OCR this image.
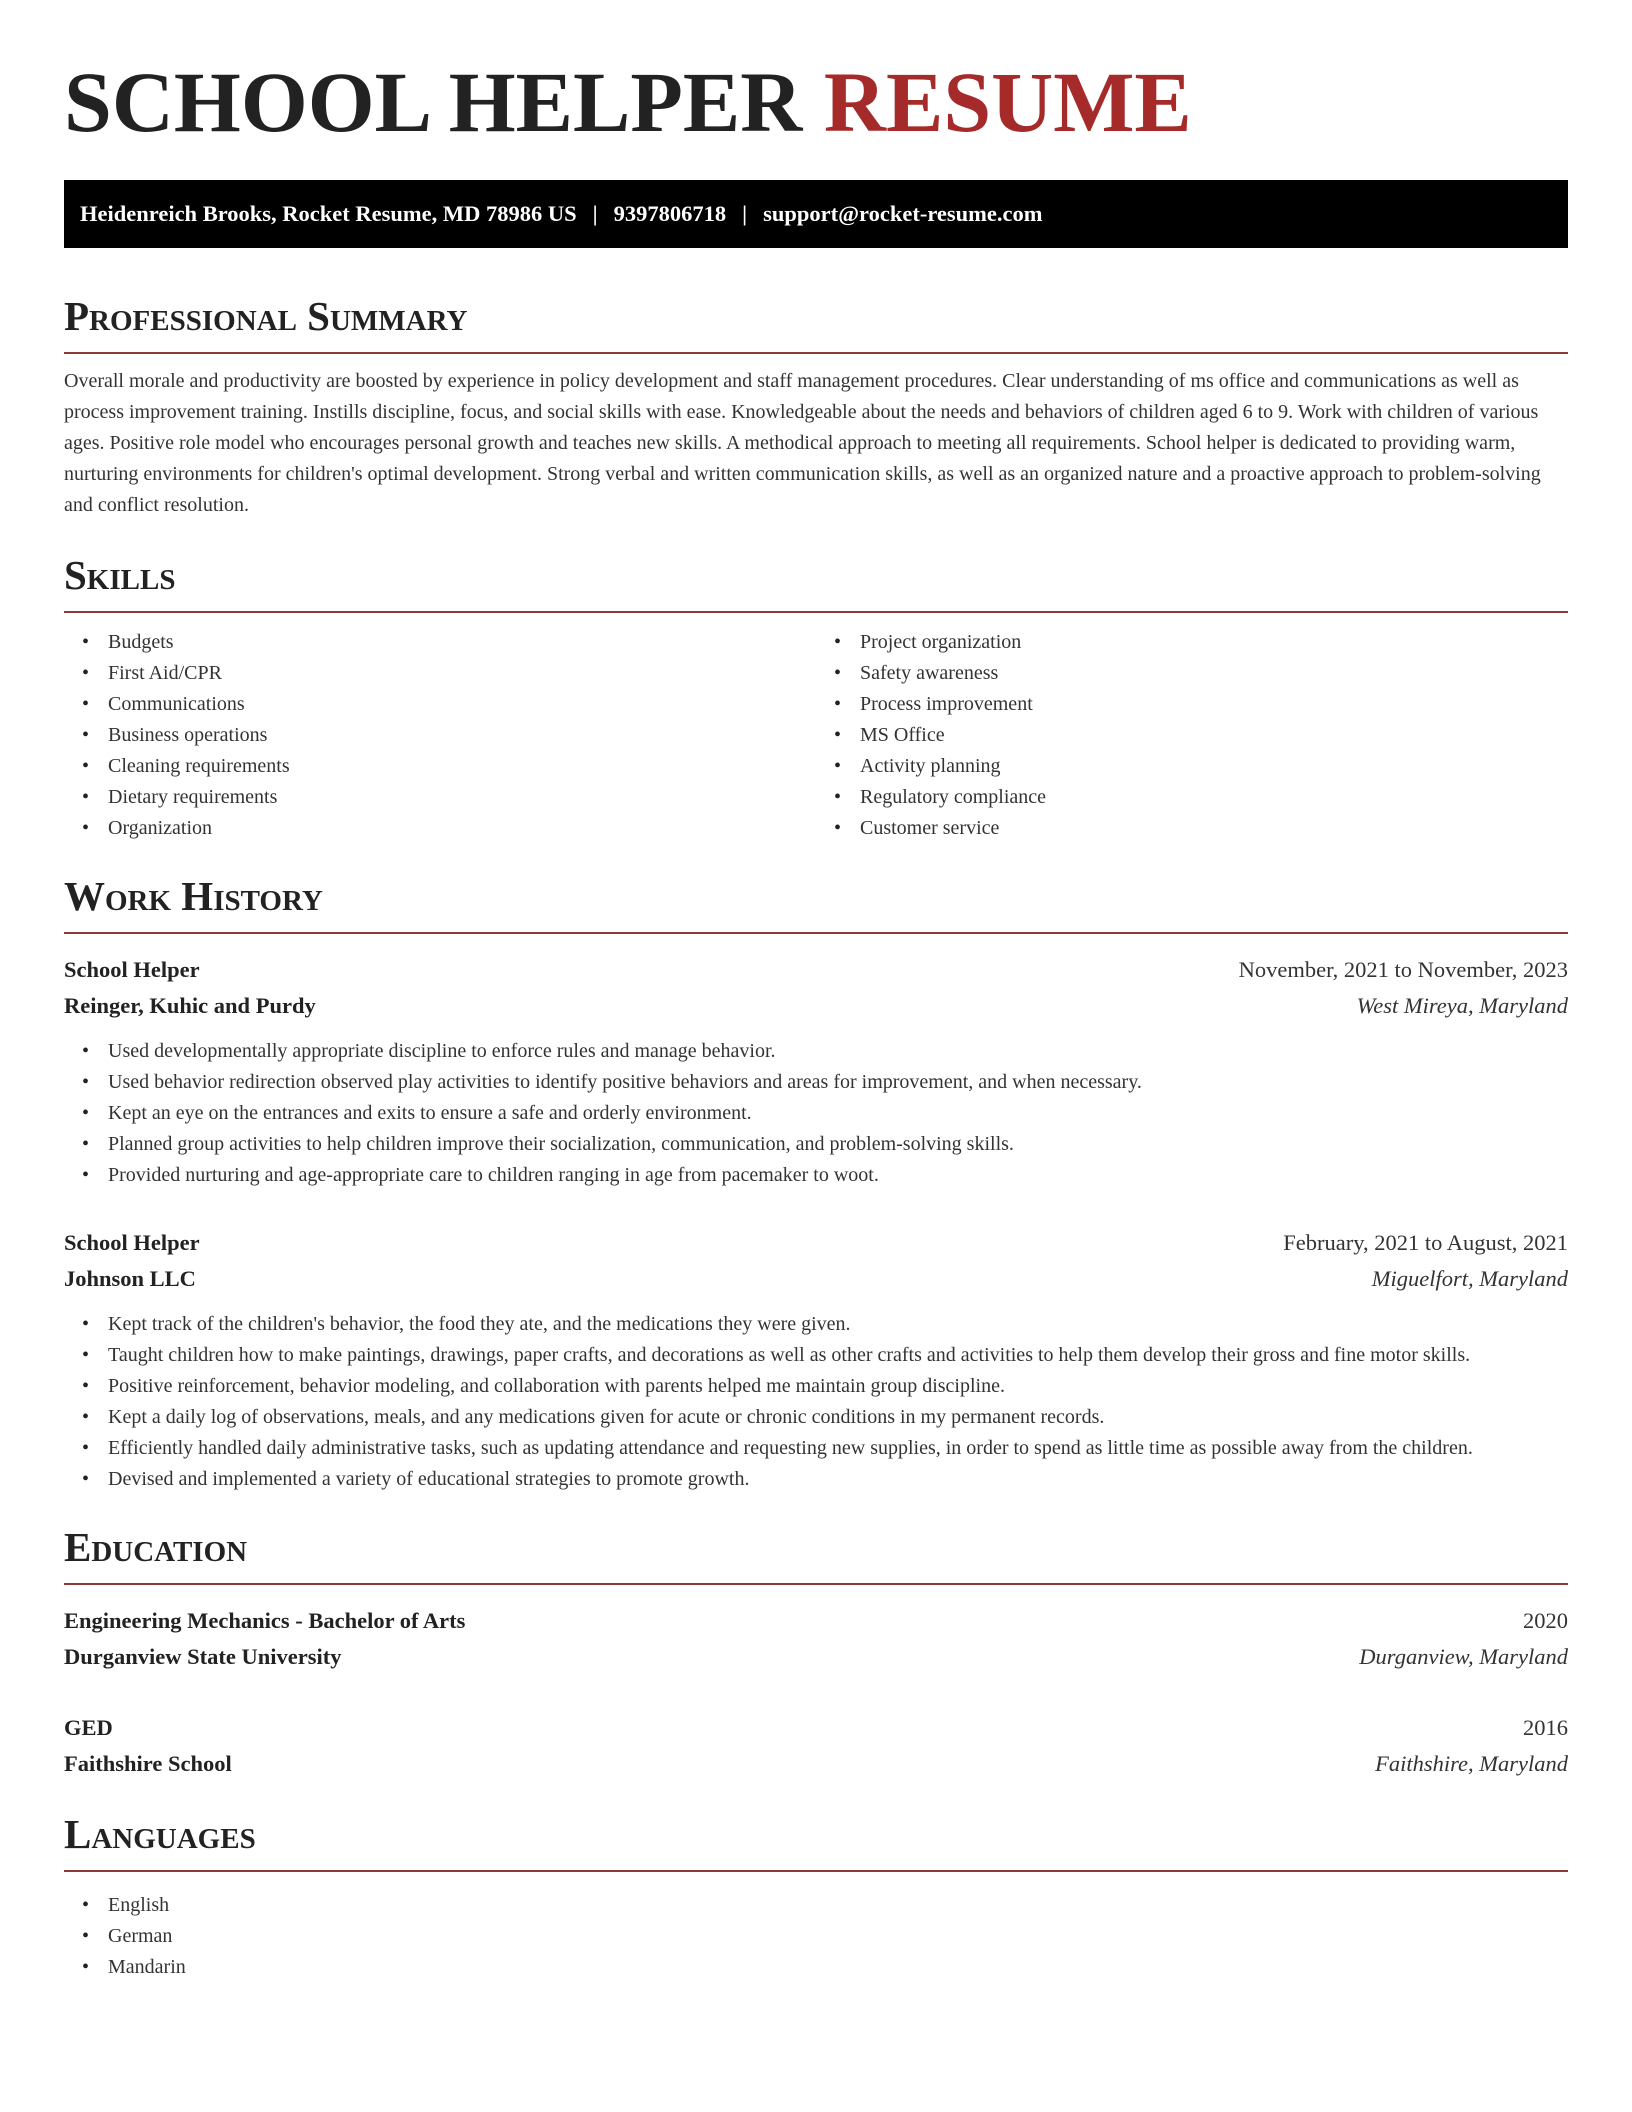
SCHOOL HELPER RESUME
Heidenreich Brooks, Rocket Resume, MD 78986 US | 9397806718 | support@rocket-resume.com
Professional Summary

Overall morale and productivity are boosted by experience in policy development and staff management procedures. Clear understanding of ms office and communications as well as process improvement training. Instills discipline, focus, and social skills with ease. Knowledgeable about the needs and behaviors of children aged 6 to 9. Work with children of various ages. Positive role model who encourages personal growth and teaches new skills. A methodical approach to meeting all requirements. School helper is dedicated to providing warm, nurturing environments for children's optimal development. Strong verbal and written communication skills, as well as an organized nature and a proactive approach to problem-solving and conflict resolution.

Skills
• Budgets
• First Aid/CPR
• Communications
• Business operations
• Cleaning requirements
• Dietary requirements
• Organization
• Project organization
• Safety awareness
• Process improvement
• MS Office
• Activity planning
• Regulatory compliance
• Customer service
Work History
School Helper	November, 2021 to November, 2023
Reinger, Kuhic and Purdy	West Mireya, Maryland
• Used developmentally appropriate discipline to enforce rules and manage behavior.
• Used behavior redirection observed play activities to identify positive behaviors and areas for improvement, and when necessary.
• Kept an eye on the entrances and exits to ensure a safe and orderly environment.
• Planned group activities to help children improve their socialization, communication, and problem-solving skills.
• Provided nurturing and age-appropriate care to children ranging in age from pacemaker to woot.
School Helper	February, 2021 to August, 2021
Johnson LLC	Miguelfort, Maryland
• Kept track of the children's behavior, the food they ate, and the medications they were given.
• Taught children how to make paintings, drawings, paper crafts, and decorations as well as other crafts and activities to help them develop their gross and fine motor skills.
• Positive reinforcement, behavior modeling, and collaboration with parents helped me maintain group discipline.
• Kept a daily log of observations, meals, and any medications given for acute or chronic conditions in my permanent records.
• Efficiently handled daily administrative tasks, such as updating attendance and requesting new supplies, in order to spend as little time as possible away from the children.
• Devised and implemented a variety of educational strategies to promote growth.
Education
Engineering Mechanics - Bachelor of Arts	2020
Durganview State University	Durganview, Maryland
GED	2016
Faithshire School	Faithshire, Maryland
Languages
• English
• German
• Mandarin
